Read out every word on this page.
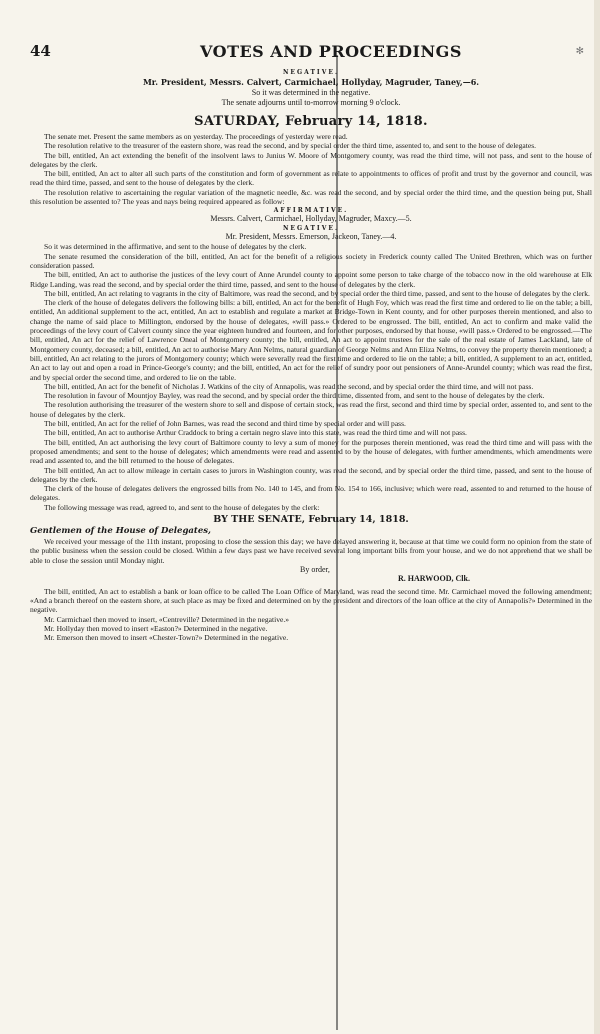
44	VOTES AND PROCEEDINGS	✻
NEGATIVE.
Mr. President, Messrs. Calvert, Carmichael, Hollyday, Magruder, Taney,—6.
So it was determined in the negative.
The senate adjourns until to-morrow morning 9 o'clock.
SATURDAY, February 14, 1818.

The senate met. Present the same members as on yesterday. The proceedings of yesterday were read.

The resolution relative to the treasurer of the eastern shore, was read the second, and by special order the third time, assented to, and sent to the house of delegates.

The bill, entitled, An act extending the benefit of the insolvent laws to Junius W. Moore of Montgomery county, was read the third time, will not pass, and sent to the house of delegates by the clerk.

The bill, entitled, An act to alter all such parts of the constitution and form of government as relate to appointments to offices of profit and trust by the governor and council, was read the third time, passed, and sent to the house of delegates by the clerk.

The resolution relative to ascertaining the regular variation of the magnetic needle, &c. was read the second, and by special order the third time, and the question being put, Shall this resolution be assented to? The yeas and nays being required appeared as follow:

AFFIRMATIVE.
Messrs. Calvert, Carmichael, Hollyday, Magruder, Maxcy.—5.
NEGATIVE.
Mr. President, Messrs. Emerson, Jackeon, Taney.—4.

So it was determined in the affirmative, and sent to the house of delegates by the clerk.

The senate resumed the consideration of the bill, entitled, An act for the benefit of a religious society in Frederick county called The United Brethren, which was on further consideration passed.

The bill, entitled, An act to authorise the justices of the levy court of Anne Arundel county to appoint some person to take charge of the tobacco now in the old warehouse at Elk Ridge Landing, was read the second, and by special order the third time, passed, and sent to the house of delegates by the clerk.

The bill, entitled, An act relating to vagrants in the city of Baltimore, was read the second, and by special order the third time, passed, and sent to the house of delegates by the clerk.

The clerk of the house of delegates delivers the following bills: a bill, entitled, An act for the benefit of Hugh Foy, which was read the first time and ordered to lie on the table; a bill, entitled, An additional supplement to the act, entitled, An act to establish and regulate a market at Bridge-Town in Kent county, and for other purposes therein mentioned, and also to change the name of said place to Millington, endorsed by the house of delegates, «will pass.» Ordered to be engrossed. The bill, entitled, An act to confirm and make valid the proceedings of the levy court of Calvert county since the year eighteen hundred and fourteen, and for other purposes, endorsed by that house, «will pass.» Ordered to be engrossed.—The bill, entitled, An act for the relief of Lawrence Oneal of Montgomery county; the bill, entitled, An act to appoint trustees for the sale of the real estate of James Lackland, late of Montgomery county, deceased; a bill, entitled, An act to authorise Mary Ann Nelms, natural guardian of George Nelms and Ann Eliza Nelms, to convey the property therein mentioned; a bill, entitled, An act relating to the jurors of Montgomery county; which were severally read the first time and ordered to lie on the table; a bill, entitled, A supplement to an act, entitled, An act to lay out and open a road in Prince-George's county; and the bill, entitled, An act for the relief of sundry poor out pensioners of Anne-Arundel county; which was read the first, and by special order the second time, and ordered to lie on the table.

The bill, entitled, An act for the benefit of Nicholas J. Watkins of the city of Annapolis, was read the second, and by special order the third time, and will not pass.

The resolution in favour of Mountjoy Bayley, was read the second, and by special order the third time, dissented from, and sent to the house of delegates by the clerk.

The resolution authorising the treasurer of the western shore to sell and dispose of certain stock, was read the first, second and third time by special order, assented to, and sent to the house of delegates by the clerk.

The bill, entitled, An act for the relief of John Barnes, was read the second and third time by special order and will pass.

The bill, entitled, An act to authorise Arthur Craddock to bring a certain negro slave into this state, was read the third time and will not pass.

The bill, entitled, An act authorising the levy court of Baltimore county to levy a sum of money for the purposes therein mentioned, was read the third time and will pass with the proposed amendments; and sent to the house of delegates; which amendments were read and assented to by the house of delegates, with further amendments, which amendments were read and assented to, and the bill returned to the house of delegates.

The bill entitled, An act to allow mileage in certain cases to jurors in Washington county, was read the second, and by special order the third time, passed, and sent to the house of delegates by the clerk.

The clerk of the house of delegates delivers the engrossed bills from No. 140 to 145, and from No. 154 to 166, inclusive; which were read, assented to and returned to the house of delegates.

The following message was read, agreed to, and sent to the house of delegates by the clerk:

BY THE SENATE, February 14, 1818.
Gentlemen of the House of Delegates,

We received your message of the 11th instant, proposing to close the session this day; we have delayed answering it, because at that time we could form no opinion from the state of the public business when the session could be closed. Within a few days past we have received several long important bills from your house, and we do not apprehend that we shall be able to close the session until Monday night.

By order,
R. HARWOOD, Clk.

The bill, entitled, An act to establish a bank or loan office to be called The Loan Office of Maryland, was read the second time. Mr. Carmichael moved the following amendment; «And a branch thereof on the eastern shore, at such place as may be fixed and determined on by the president and directors of the loan office at the city of Annapolis?» Determined in the negative.

Mr. Carmichael then moved to insert, «Centreville? Determined in the negative.»

Mr. Hollyday then moved to insert «Easton?» Determined in the negative.

Mr. Emerson then moved to insert «Chester-Town?» Determined in the negative.
